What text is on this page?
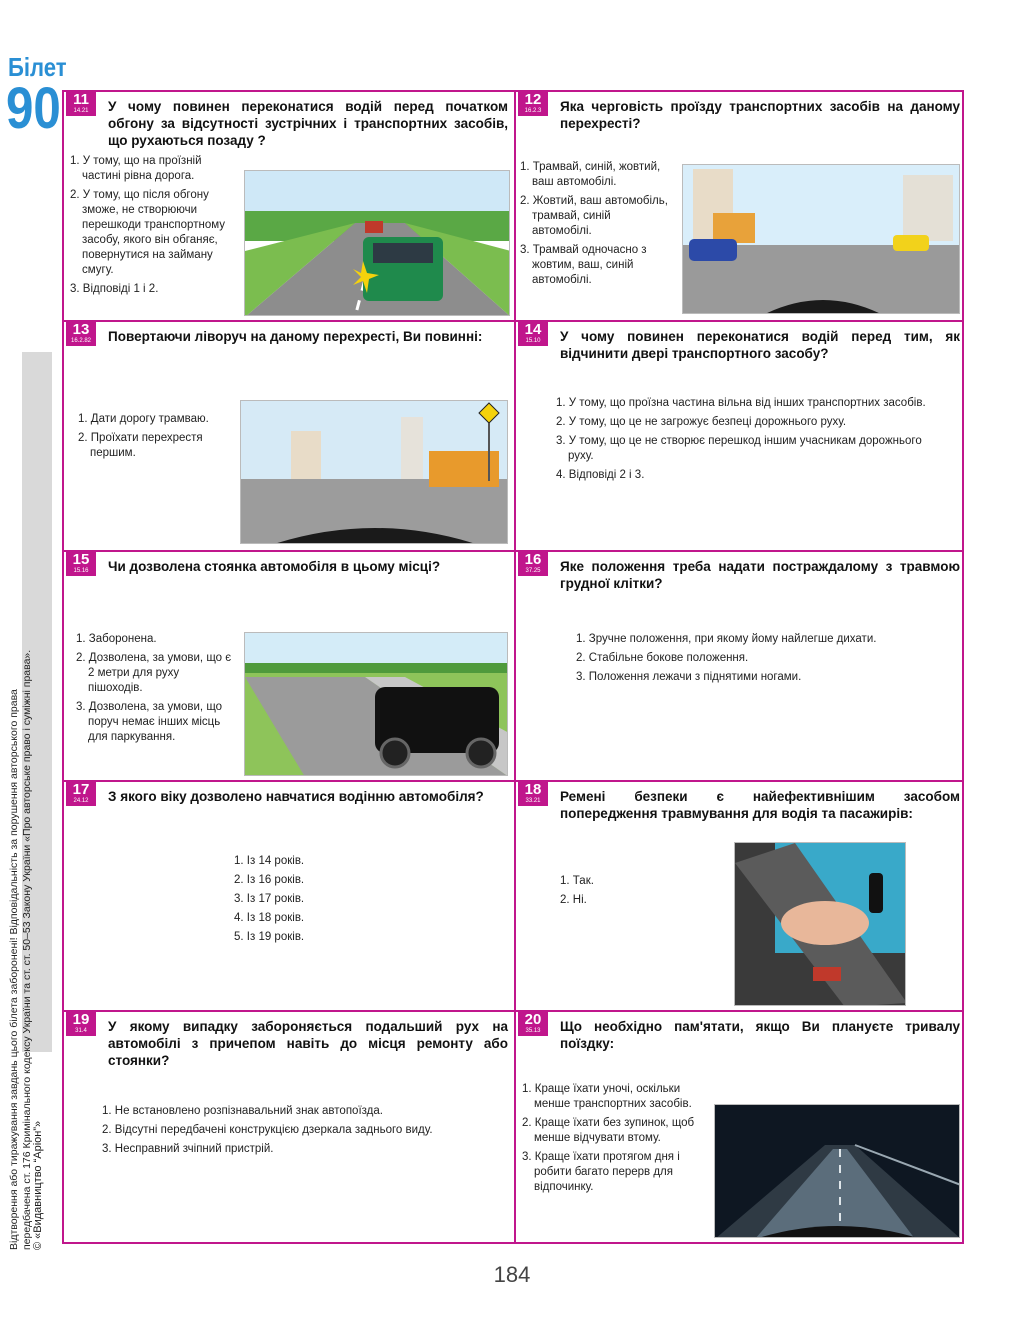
Білет
90
Відтворення або тиражування завдань цього білета заборонені! Відповідальність за порушення авторського права передбачена ст. 176 Кримінального кодексу України та ст. ст. 50–53 Закону України «Про авторське право і суміжні права». © «Видавництво “Аріон”»
11
14.21	У чому повинен переконатися водій перед початком обгону за відсутності зустрічних і транспортних засобів, що рухаються позаду ?
1. У тому, що на проїзній частині рівна дорога.
2. У тому, що після обгону зможе, не створюючи перешкоди транспортному засобу, якого він обганяє, повернутися на займану смугу.
3. Відповіді 1 і 2.
12
16.2.3	Яка черговість проїзду транспортних засобів на даному перехресті?
1. Трамвай, синій, жовтий, ваш автомобілі.
2. Жовтий, ваш автомобіль, трамвай, синій автомобілі.
3. Трамвай одночасно з жовтим, ваш, синій автомобілі.
13
16.2.82	Повертаючи ліворуч на даному перехресті, Ви повинні:
1. Дати дорогу трамваю.
2. Проїхати перехрестя першим.
14
15.10	У чому повинен переконатися водій перед тим, як відчинити двері транспортного засобу?
1. У тому, що проїзна частина вільна від інших транспортних засобів.
2. У тому, що це не загрожує безпеці дорожнього руху.
3. У тому, що це не створює перешкод іншим учасникам дорожнього руху.
4. Відповіді 2 і 3.
15
15.16	Чи дозволена стоянка автомобіля в цьому місці?
1. Заборонена.
2. Дозволена, за умови, що є 2 метри для руху пішоходів.
3. Дозволена, за умови, що поруч немає інших місць для паркування.
16
37.25	Яке положення треба надати постраждалому з травмою грудної клітки?
1. Зручне положення, при якому йому найлегше дихати.
2. Стабільне бокове положення.
3. Положення лежачи з піднятими ногами.
17
24.12	З якого віку дозволено навчатися водінню автомобіля?
1. Із 14 років.
2. Із 16 років.
3. Із 17 років.
4. Із 18 років.
5. Із 19 років.
18
33.21	Ремені безпеки є найефективнішим засобом попередження травмування для водія та пасажирів:
1. Так.
2. Ні.
19
31.4	У якому випадку забороняється подальший рух на автомобілі з причепом навіть до місця ремонту або стоянки?
1. Не встановлено розпізнавальний знак автопоїзда.
2. Відсутні передбачені конструкцією дзеркала заднього виду.
3. Несправний зчіпний пристрій.
20
35.13	Що необхідно пам'ятати, якщо Ви плануєте тривалу поїздку:
1. Краще їхати уночі, оскільки менше транспортних засобів.
2. Краще їхати без зупинок, щоб менше відчувати втому.
3. Краще їхати протягом дня і робити багато перерв для відпочинку.
184
